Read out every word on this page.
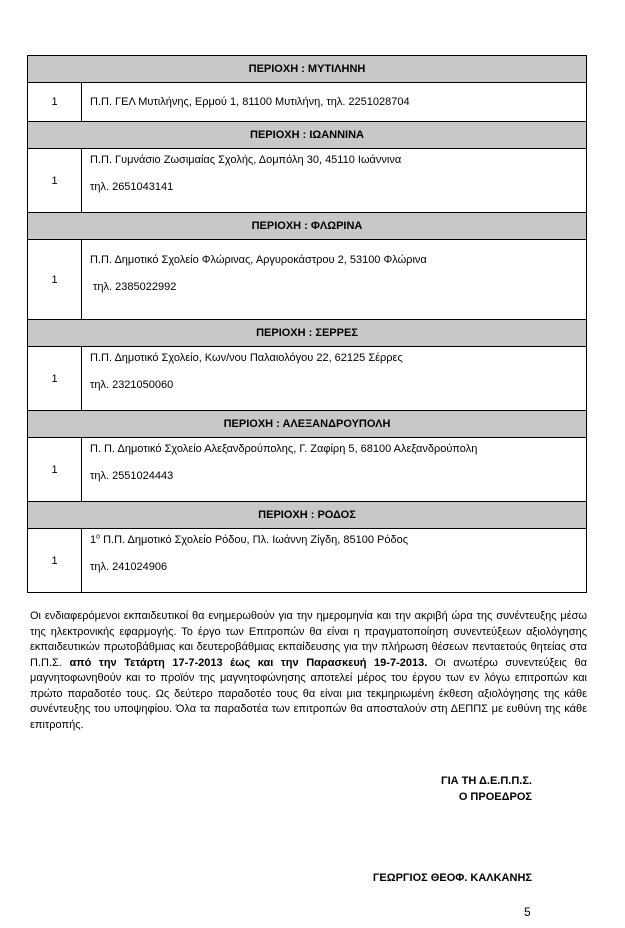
ΠΕΡΙΟΧΗ : ΜΥΤΙΛΗΝΗ	
1	Π.Π. ΓΕΛ Μυτιλήνης, Ερμού 1, 81100 Μυτιλήνη, τηλ. 2251028704

ΠΕΡΙΟΧΗ : ΙΩΑΝΝΙΝΑ	
1	Π.Π. Γυμνάσιο Ζωσιμαίας Σχολής, Δομπόλη 30, 45110 Ιωάννινα
τηλ. 2651043141

ΠΕΡΙΟΧΗ : ΦΛΩΡΙΝΑ	
1	Π.Π. Δημοτικό Σχολείο Φλώρινας, Αργυροκάστρου 2, 53100 Φλώρινα
τηλ. 2385022992

ΠΕΡΙΟΧΗ : ΣΕΡΡΕΣ	
1	Π.Π. Δημοτικό Σχολείο, Κων/νου Παλαιολόγου 22, 62125 Σέρρες
τηλ. 2321050060

ΠΕΡΙΟΧΗ : ΑΛΕΞΑΝΔΡΟΥΠΟΛΗ	
1	Π. Π. Δημοτικό Σχολείο Αλεξανδρούπολης, Γ. Ζαφίρη 5, 68100 Αλεξανδρούπολη
τηλ. 2551024443

ΠΕΡΙΟΧΗ : ΡΟΔΟΣ	
1	$1^o$ Π.Π. Δημοτικό Σχολείο Ρόδου, Πλ. Ιωάννη Ζίγδη, 85100 Ρόδος
τηλ. 241024906
Οι ενδιαφερόμενοι εκπαιδευτικοί θα ενημερωθούν για την ημερομηνία και την ακριβή ώρα της συνέντευξης μέσω της ηλεκτρονικής εφαρμογής. Το έργο των Επιτροπών θα είναι η πραγματοποίηση συνεντεύξεων αξιολόγησης εκπαιδευτικών πρωτοβάθμιας και δευτεροβάθμιας εκπαίδευσης για την πλήρωση θέσεων πενταετούς θητείας στα Π.Π.Σ. από την Τετάρτη 17-7-2013 έως και την Παρασκευή 19-7-2013. Οι ανωτέρω συνεντεύξεις θα μαγνητοφωνηθούν και το προϊόν της μαγνητοφώνησης αποτελεί μέρος του έργου των εν λόγω επιτροπών και πρώτο παραδοτέο τους. Ως δεύτερο παραδοτέο τους θα είναι μια τεκμηριωμένη έκθεση αξιολόγησης της κάθε συνέντευξης του υποψηφίου. Όλα τα παραδοτέα των επιτροπών θα αποσταλούν στη ΔΕΠΠΣ με ευθύνη της κάθε επιτροπής.
ΓΙΑ ΤΗ Δ.Ε.Π.Π.Σ.
Ο ΠΡΟΕΔΡΟΣ
ΓΕΩΡΓΙΟΣ ΘΕΟΦ. ΚΑΛΚΑΝΗΣ
5
